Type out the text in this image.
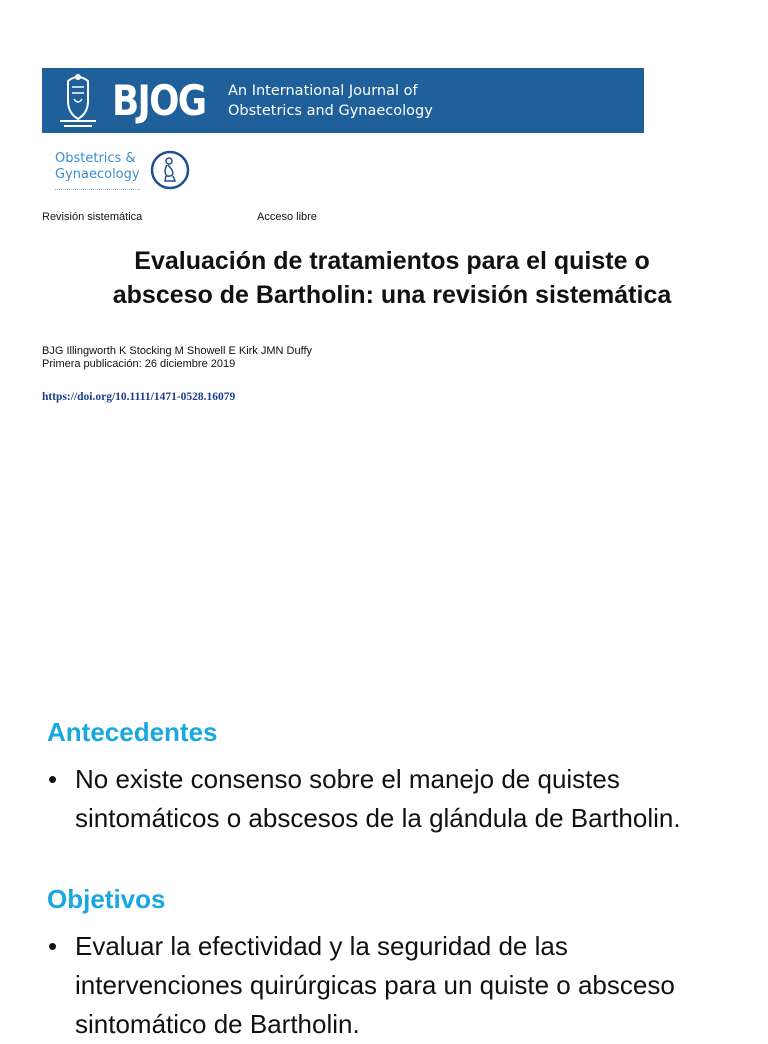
BJOG An International Journal of
Obstetrics and Gynaecology
Obstetrics &
Gynaecology
Revisión sistemática	Acceso libre
Evaluación de tratamientos para el quiste o
absceso de Bartholin: una revisión sistemática
BJG Illingworth K Stocking M Showell E Kirk JMN Duffy
Primera publicación: 26 diciembre 2019
https://doi.org/10.1111/1471-0528.16079
Antecedentes
• No existe consenso sobre el manejo de quistes sintomáticos o abscesos de la glándula de Bartholin.
Objetivos
• Evaluar la efectividad y la seguridad de las intervenciones quirúrgicas para un quiste o absceso sintomático de Bartholin.
